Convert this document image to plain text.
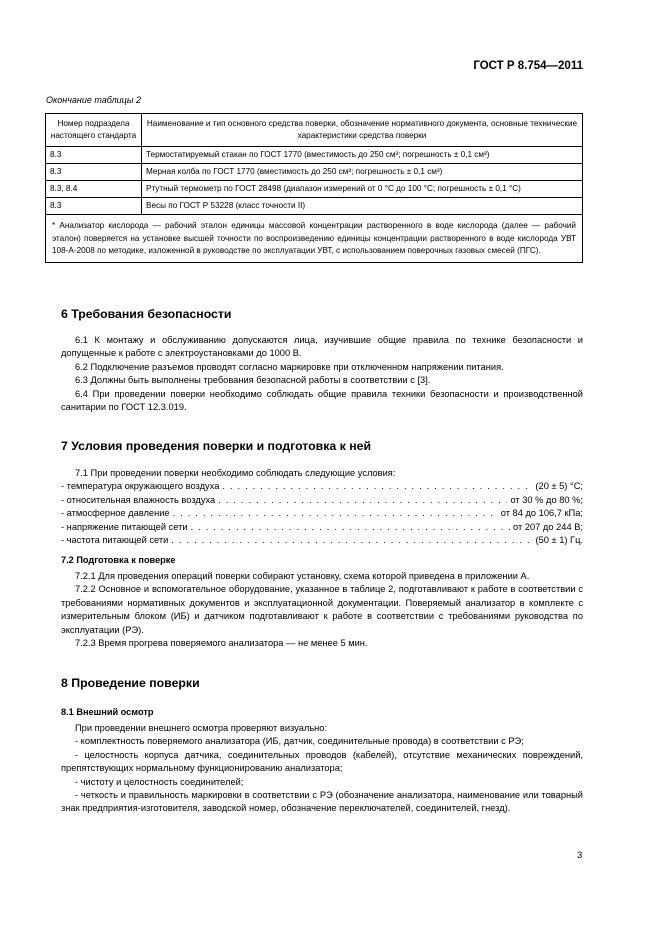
ГОСТ Р 8.754—2011
Окончание таблицы 2
Номер подраздела настоящего стандарта	Наименование и тип основного средства поверки, обозначение нормативного документа, основные технические характеристики средства поверки
8.3	Термостатируемый стакан по ГОСТ 1770 (вместимость до 250 см³; погрешность ± 0,1 см³)
8.3	Мерная колба по ГОСТ 1770 (вместимость до 250 см³; погрешность ± 0,1 см³)
8.3, 8.4	Ртутный термометр по ГОСТ 28498 (диапазон измерений от 0 °С до 100 °С; погрешность ± 0,1 °С)
8.3	Весы по ГОСТ Р 53228 (класс точности II)
* Анализатор кислорода — рабочий эталон единицы массовой концентрации растворенного в воде кислорода (далее — рабочий эталон) поверяется на установке высшей точности по воспроизведению единицы концентрации растворенного в воде кислорода УВТ 108-А-2008 по методике, изложенной в руководстве по эксплуатации УВТ, с использованием поверочных газовых смесей (ПГС).	
6 Требования безопасности

6.1 К монтажу и обслуживанию допускаются лица, изучившие общие правила по технике безопасности и допущенные к работе с электроустановками до 1000 В.

6.2 Подключение разъемов проводят согласно маркировке при отключенном напряжении питания.

6.3 Должны быть выполнены требования безопасной работы в соответствии с [3].

6.4 При проведении поверки необходимо соблюдать общие правила техники безопасности и производственной санитарии по ГОСТ 12.3.019.

7 Условия проведения поверки и подготовка к ней

7.1 При проведении поверки необходимо соблюдать следующие условия:

- температура окружающего воздуха . . .	(20 ± 5) °С;
- относительная влажность воздуха . . .	от 30 % до 80 %;
- атмосферное давление . . .	от 84 до 106,7 кПа;
- напряжение питающей сети . . .	от 207 до 244 В;
- частота питающей сети . . .	(50 ± 1) Гц.
7.2 Подготовка к поверке

7.2.1 Для проведения операций поверки собирают установку, схема которой приведена в приложении А.

7.2.2 Основное и вспомогательное оборудование, указанное в таблице 2, подготавливают к работе в соответствии с требованиями нормативных документов и эксплуатационной документации. Поверяемый анализатор в комплекте с измерительным блоком (ИБ) и датчиком подготавливают к работе в соответствии с требованиями руководства по эксплуатации (РЭ).

7.2.3 Время прогрева поверяемого анализатора — не менее 5 мин.

8 Проведение поверки
8.1 Внешний осмотр

При проведении внешнего осмотра проверяют визуально:

- комплектность поверяемого анализатора (ИБ, датчик, соединительные провода) в соответствии с РЭ;

- целостность корпуса датчика, соединительных проводов (кабелей), отсутствие механических повреждений, препятствующих нормальному функционированию анализатора;

- чистоту и целостность соединителей;

- четкость и правильность маркировки в соответствии с РЭ (обозначение анализатора, наименование или товарный знак предприятия-изготовителя, заводской номер, обозначение переключателей, соединителей, гнезд).

3
